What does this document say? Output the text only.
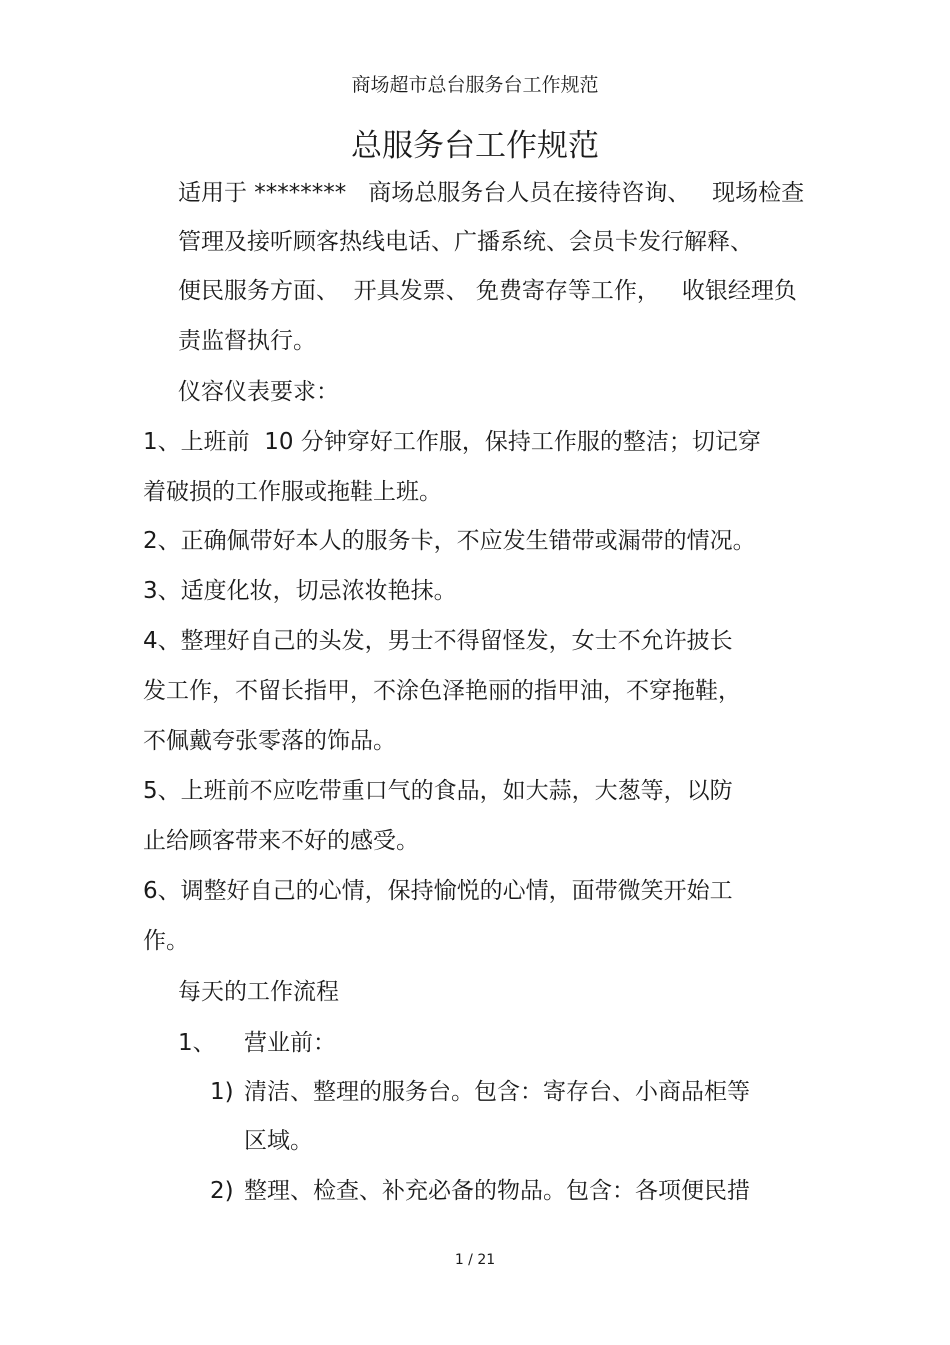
商场超市总台服务台工作规范
总服务台工作规范
适用于 ********   商场总服务台人员在接待咨询、   现场检查
管理及接听顾客热线电话、广播系统、会员卡发行解释、
便民服务方面、  开具发票、 免费寄存等工作，   收银经理负
责监督执行。
仪容仪表要求：
1、上班前  10 分钟穿好工作服，保持工作服的整洁；切记穿
着破损的工作服或拖鞋上班。
2、正确佩带好本人的服务卡，不应发生错带或漏带的情况。
3、适度化妆，切忌浓妆艳抹。
4、整理好自己的头发，男士不得留怪发，女士不允许披长
发工作，不留长指甲，不涂色泽艳丽的指甲油，不穿拖鞋，
不佩戴夸张零落的饰品。
5、上班前不应吃带重口气的食品，如大蒜，大葱等，以防
止给顾客带来不好的感受。
6、调整好自己的心情，保持愉悦的心情，面带微笑开始工
作。
每天的工作流程
1、 营业前：
1) 清洁、整理的服务台。包含：寄存台、小商品柜等
区域。
2) 整理、检查、补充必备的物品。包含：各项便民措
1 / 21
